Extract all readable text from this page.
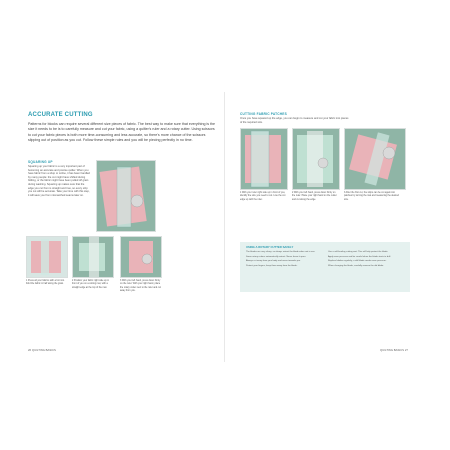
ACCURATE CUTTING
Patterns for blocks can require several different size pieces of fabric. The best way to make sure that everything is the size it needs to be is to carefully measure and cut your fabric, using a quilter's ruler and a rotary cutter. Using scissors to cut your fabric pieces is both more time-consuming and less accurate, so there's more chance of the scissors slipping out of position as you cut. Follow these simple rules and you will be piecing perfectly in no time.
SQUARING UP
Squaring up your fabric is a very important part of becoming an accurate and precise quilter. When you have fabric from a shop or online, it has been handled by many people: the cut might have shifted during folding, or the fabric might have been pulled off grain during washing. Squaring up makes sure that the edge you cut from is straight and true, so every strip you cut will be accurate. Take your time with this step, it will save you from mismatched seams later on.
1 Press all your fabrics with a hot iron. Fold the fabric in half along the grain.
2 Position your fabric right side up in front of you on a cutting mat, with a straight edge at the top of the mat.
3 With your left hand, press down firmly on the ruler. With your right hand, place the rotary cutter next to the ruler and cut away from you.
26 QUILTING BASICS
CUTTING FABRIC PATCHES
Once you have squared up the edge, you can begin to measure and cut your fabric into pieces of the required size.
1 With your ruler right side up in front of you, identify the size you need to cut. Line the cut edge up with the ruler.
2 With your left hand, press down firmly on the ruler. Place your right hand on the cutter and cut along the edge.
3 After the first cut, the strips can be cut again into patches by turning the mat and measuring the desired size.
USING A ROTARY CUTTER SAFELY

The blades are very sharp, so always retract the blade when not in use.

Some rotary cutters automatically retract. Never leave it open.

Always cut away from your body and never towards you.

Protect your fingers, keep them away from the blade.

Use a self-healing cutting mat. This will help protect the blade.

Apply even pressure and be careful when the blade starts to dull.

Replace blades regularly; a dull blade needs more pressure.

When changing the blade, carefully remove the old blade.

QUILTING BASICS 27
